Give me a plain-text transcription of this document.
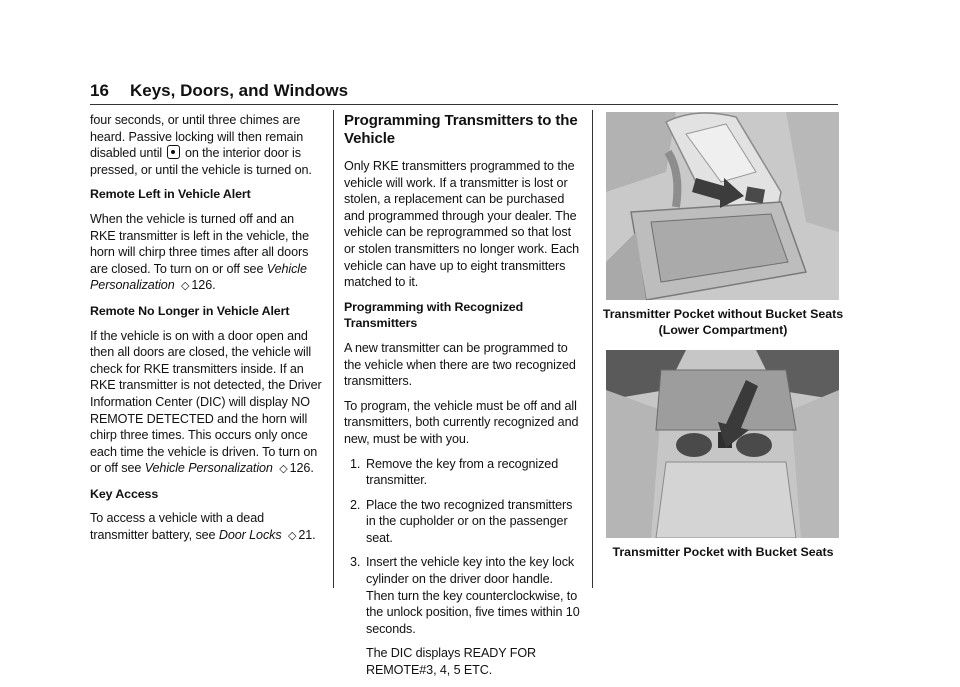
16 Keys, Doors, and Windows

four seconds, or until three chimes are heard. Passive locking will then remain disabled until on the interior door is pressed, or until the vehicle is turned on.

Remote Left in Vehicle Alert

When the vehicle is turned off and an RKE transmitter is left in the vehicle, the horn will chirp three times after all doors are closed. To turn on or off see Vehicle Personalization ◇ 126.

Remote No Longer in Vehicle Alert

If the vehicle is on with a door open and then all doors are closed, the vehicle will check for RKE transmitters inside. If an RKE transmitter is not detected, the Driver Information Center (DIC) will display NO REMOTE DETECTED and the horn will chirp three times. This occurs only once each time the vehicle is driven. To turn on or off see Vehicle Personalization ◇ 126.

Key Access

To access a vehicle with a dead transmitter battery, see Door Locks ◇ 21.

Programming Transmitters to the Vehicle

Only RKE transmitters programmed to the vehicle will work. If a transmitter is lost or stolen, a replacement can be purchased and programmed through your dealer. The vehicle can be reprogrammed so that lost or stolen transmitters no longer work. Each vehicle can have up to eight transmitters matched to it.

Programming with Recognized Transmitters

A new transmitter can be programmed to the vehicle when there are two recognized transmitters.

To program, the vehicle must be off and all transmitters, both currently recognized and new, must be with you.

1. Remove the key from a recognized transmitter.
2. Place the two recognized transmitters in the cupholder or on the passenger seat.
3. Insert the vehicle key into the key lock cylinder on the driver door handle. Then turn the key counterclockwise, to the unlock position, five times within 10 seconds.
The DIC displays READY FOR REMOTE#3, 4, 5 ETC.
Transmitter Pocket without Bucket Seats (Lower Compartment)
Transmitter Pocket with Bucket Seats
